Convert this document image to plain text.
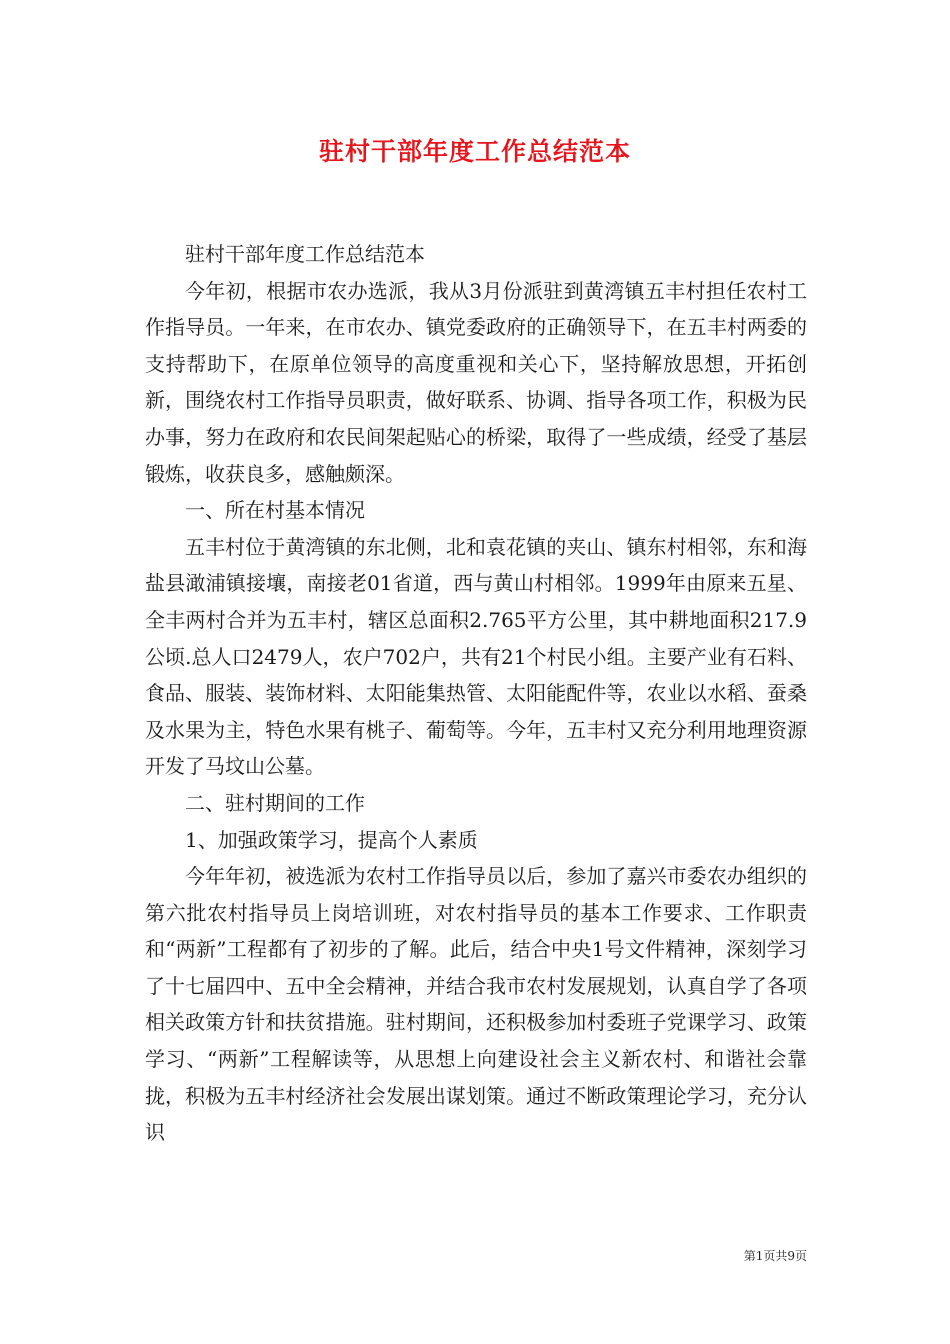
驻村干部年度工作总结范本

驻村干部年度工作总结范本

今年初，根据市农办选派，我从3月份派驻到黄湾镇五丰村担任农村工作指导员。一年来，在市农办、镇党委政府的正确领导下，在五丰村两委的支持帮助下，在原单位领导的高度重视和关心下，坚持解放思想，开拓创新，围绕农村工作指导员职责，做好联系、协调、指导各项工作，积极为民办事，努力在政府和农民间架起贴心的桥梁，取得了一些成绩，经受了基层锻炼，收获良多，感触颇深。

一、所在村基本情况

五丰村位于黄湾镇的东北侧，北和袁花镇的夹山、镇东村相邻，东和海盐县澉浦镇接壤，南接老01省道，西与黄山村相邻。1999年由原来五星、全丰两村合并为五丰村，辖区总面积2.765平方公里，其中耕地面积217.9公顷.总人口2479人，农户702户，共有21个村民小组。主要产业有石料、食品、服装、装饰材料、太阳能集热管、太阳能配件等，农业以水稻、蚕桑及水果为主，特色水果有桃子、葡萄等。今年，五丰村又充分利用地理资源开发了马坟山公墓。

二、驻村期间的工作

1、加强政策学习，提高个人素质

今年年初，被选派为农村工作指导员以后，参加了嘉兴市委农办组织的第六批农村指导员上岗培训班，对农村指导员的基本工作要求、工作职责和“两新”工程都有了初步的了解。此后，结合中央1号文件精神，深刻学习了十七届四中、五中全会精神，并结合我市农村发展规划，认真自学了各项相关政策方针和扶贫措施。驻村期间，还积极参加村委班子党课学习、政策学习、“两新”工程解读等，从思想上向建设社会主义新农村、和谐社会靠拢，积极为五丰村经济社会发展出谋划策。通过不断政策理论学习，充分认识

第1页共9页
